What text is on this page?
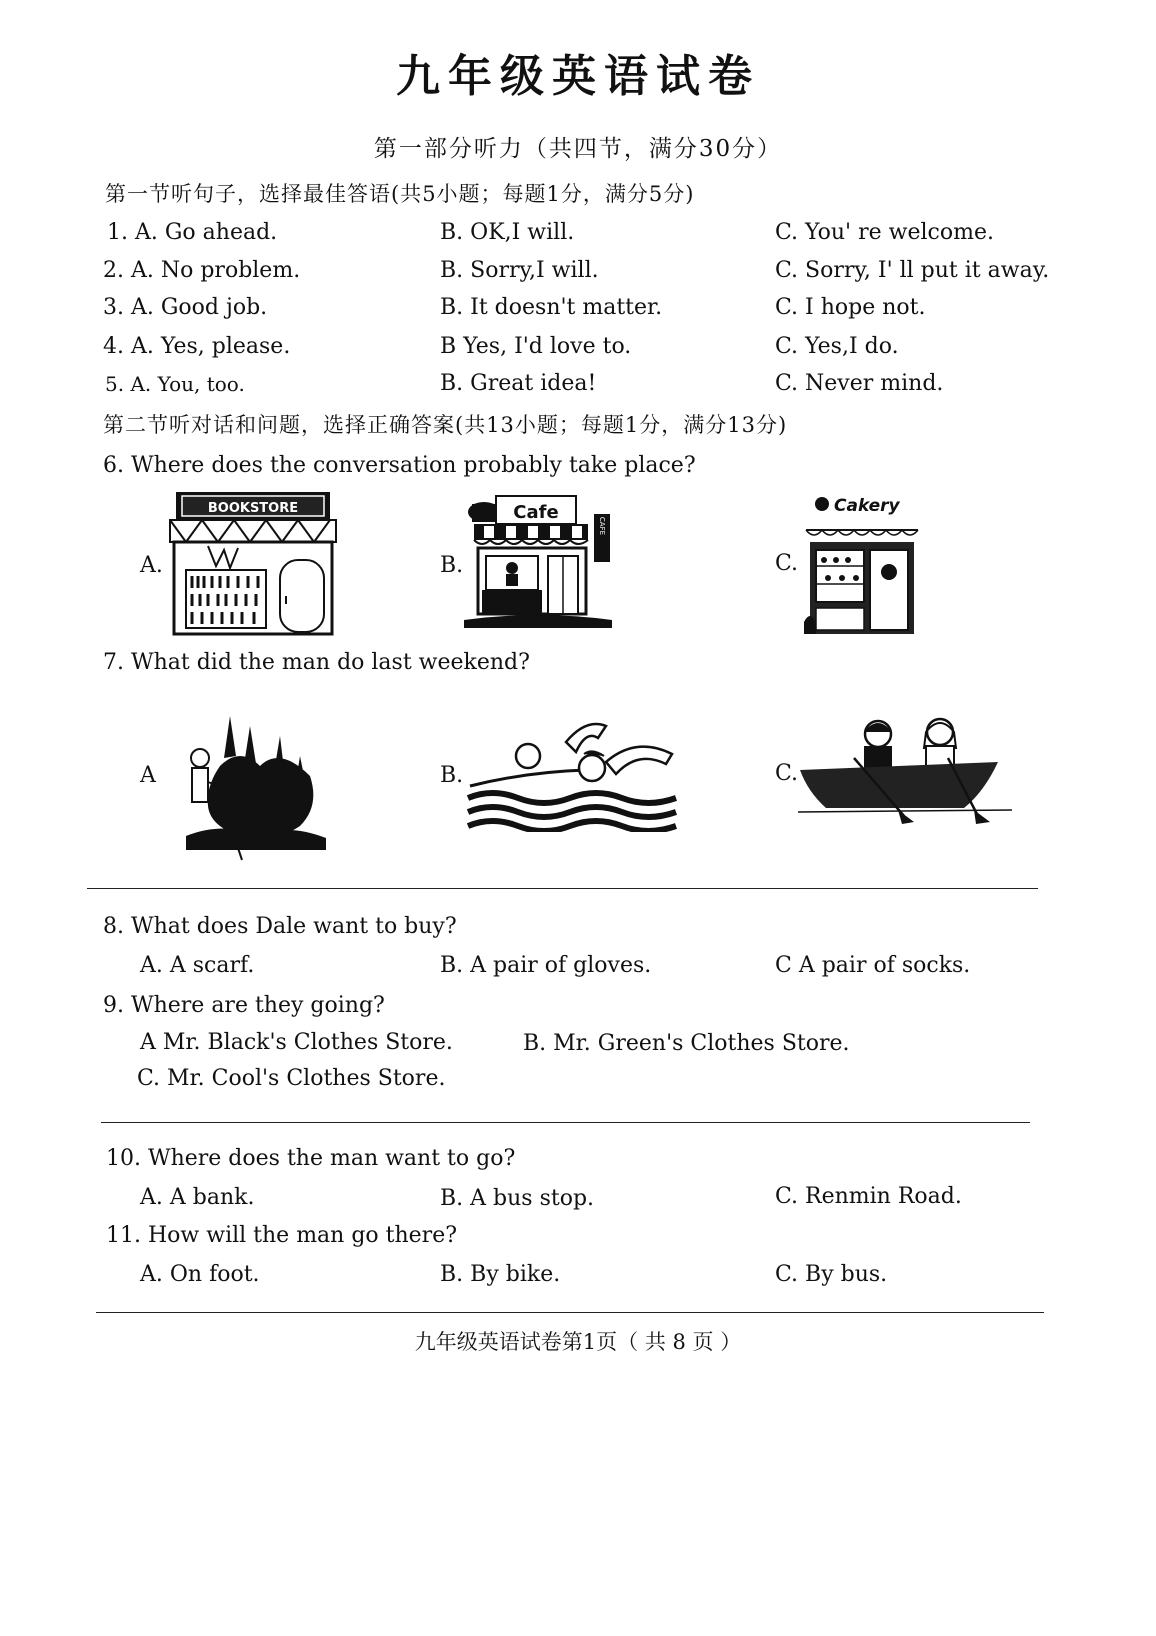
九年级英语试卷
第一部分听力（共四节，满分30分）
第一节听句子，选择最佳答语(共5小题；每题1分，满分5分)
1. A. Go ahead.	B. OK,I will.	C. You' re welcome.
2. A. No problem.	B. Sorry,I will.	C. Sorry, I' ll put it away.
3. A. Good job.	B. It doesn't matter.	C. I hope not.
4. A. Yes, please.	B Yes, I'd love to.	C. Yes,I do.
5. A. You, too.	B. Great idea!	C. Never mind.
第二节听对话和问题，选择正确答案(共13小题；每题1分，满分13分)
6. Where does the conversation probably take place?
A.	B.	C.
BOOKSTORE	Cafe
CAFE
Cakery
7. What did the man do last weekend?
A	B.	C.
8. What does Dale want to buy?
A. A scarf.	B. A pair of gloves.	C A pair of socks.
9. Where are they going?
A Mr. Black's Clothes Store.	B. Mr. Green's Clothes Store.
C. Mr. Cool's Clothes Store.
10. Where does the man want to go?
A. A bank.	B. A bus stop.	C. Renmin Road.
11. How will the man go there?
A. On foot.	B. By bike.	C. By bus.
九年级英语试卷第1页（ 共 8 页 ）
